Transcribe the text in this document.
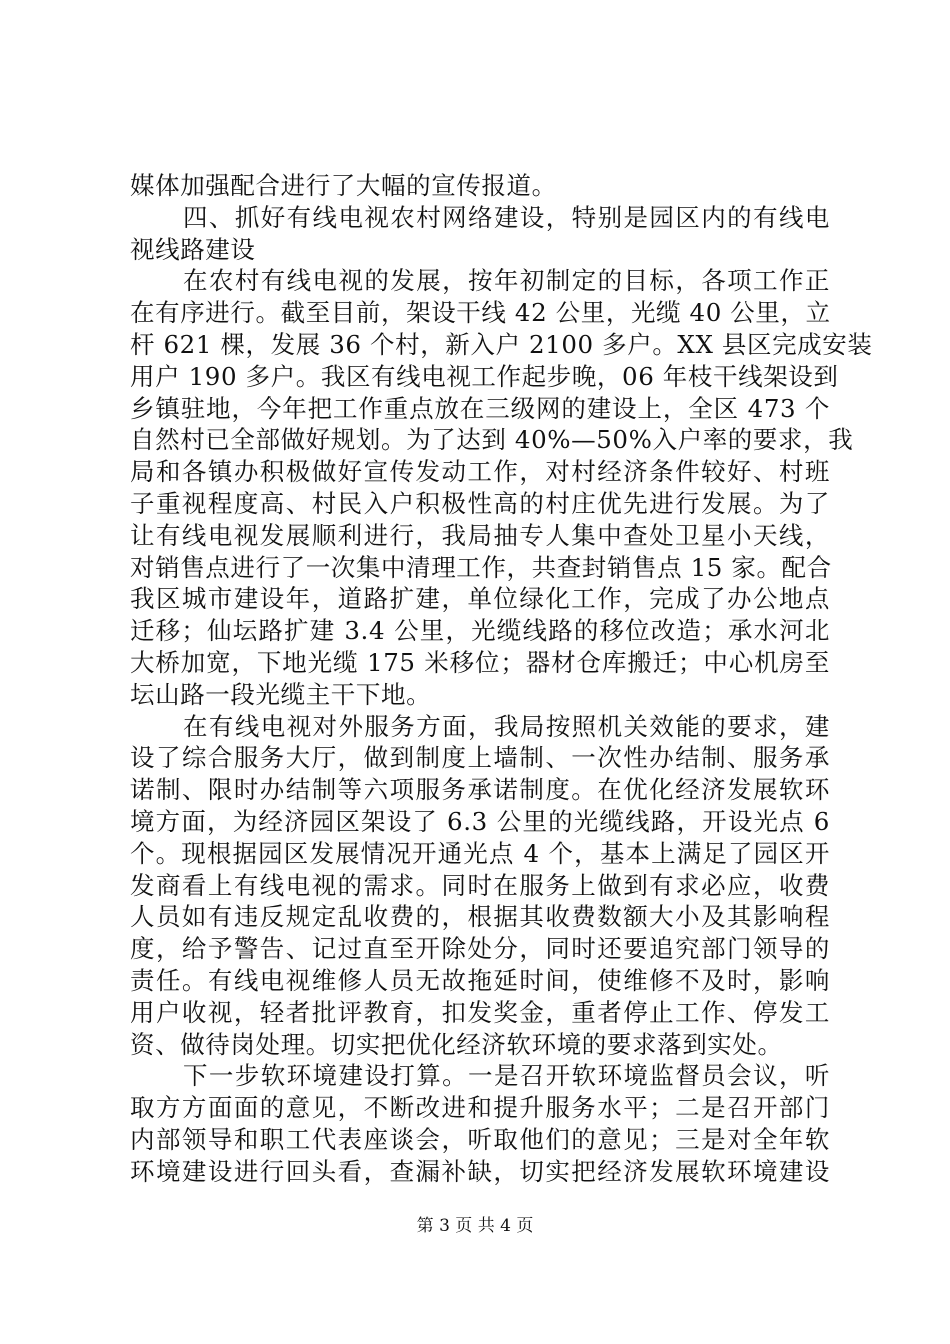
媒体加强配合进行了大幅的宣传报道。
四、抓好有线电视农村网络建设，特别是园区内的有线电
视线路建设
在农村有线电视的发展，按年初制定的目标，各项工作正
在有序进行。截至目前，架设干线 42 公里，光缆 40 公里，立
杆 621 棵，发展 36 个村，新入户 2100 多户。XX 县区完成安装
用户 190 多户。我区有线电视工作起步晚，06 年枝干线架设到
乡镇驻地，今年把工作重点放在三级网的建设上，全区 473 个
自然村已全部做好规划。为了达到 40%—50%入户率的要求，我
局和各镇办积极做好宣传发动工作，对村经济条件较好、村班
子重视程度高、村民入户积极性高的村庄优先进行发展。为了
让有线电视发展顺利进行，我局抽专人集中查处卫星小天线，
对销售点进行了一次集中清理工作，共查封销售点 15 家。配合
我区城市建设年，道路扩建，单位绿化工作，完成了办公地点
迁移；仙坛路扩建 3.4 公里，光缆线路的移位改造；承水河北
大桥加宽，下地光缆 175 米移位；器材仓库搬迁；中心机房至
坛山路一段光缆主干下地。
在有线电视对外服务方面，我局按照机关效能的要求，建
设了综合服务大厅，做到制度上墙制、一次性办结制、服务承
诺制、限时办结制等六项服务承诺制度。在优化经济发展软环
境方面，为经济园区架设了 6.3 公里的光缆线路，开设光点 6
个。现根据园区发展情况开通光点 4 个，基本上满足了园区开
发商看上有线电视的需求。同时在服务上做到有求必应，收费
人员如有违反规定乱收费的，根据其收费数额大小及其影响程
度，给予警告、记过直至开除处分，同时还要追究部门领导的
责任。有线电视维修人员无故拖延时间，使维修不及时，影响
用户收视，轻者批评教育，扣发奖金，重者停止工作、停发工
资、做待岗处理。切实把优化经济软环境的要求落到实处。
下一步软环境建设打算。一是召开软环境监督员会议，听
取方方面面的意见，不断改进和提升服务水平；二是召开部门
内部领导和职工代表座谈会，听取他们的意见；三是对全年软
环境建设进行回头看，查漏补缺，切实把经济发展软环境建设
第 3 页 共 4 页
